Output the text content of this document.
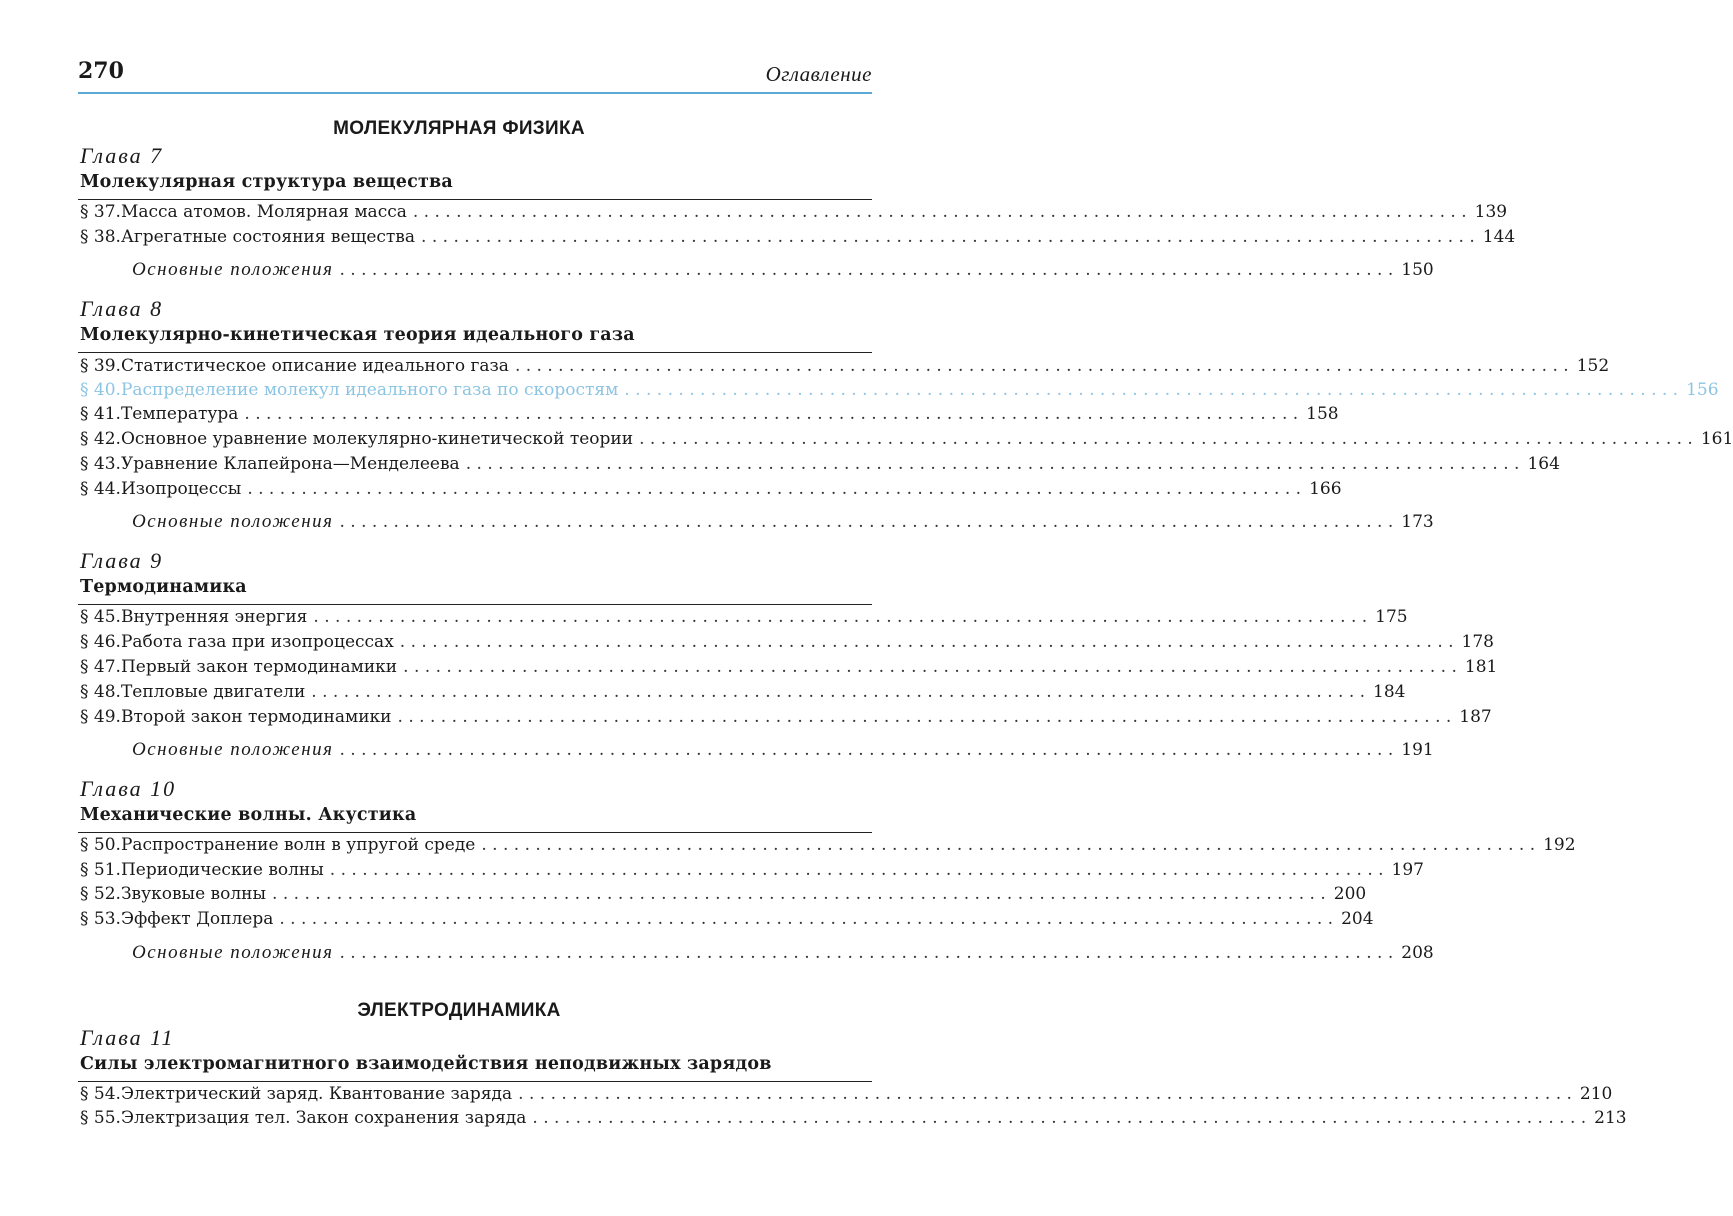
270	Оглавление
МОЛЕКУЛЯРНАЯ ФИЗИКА
Глава 7
Молекулярная структура вещества
§ 37. Масса атомов. Молярная масса . . .	139
§ 38. Агрегатные состояния вещества . . .	144
Основные положения . . .	150
Глава 8
Молекулярно-кинетическая теория идеального газа
§ 39. Статистическое описание идеального газа . . .	152
§ 40. Распределение молекул идеального газа по скоростям . . .	156
§ 41. Температура . . .	158
§ 42. Основное уравнение молекулярно-кинетической теории . . .	161
§ 43. Уравнение Клапейрона—Менделеева . . .	164
§ 44. Изопроцессы . . .	166
Основные положения . . .	173
Глава 9
Термодинамика
§ 45. Внутренняя энергия . . .	175
§ 46. Работа газа при изопроцессах . . .	178
§ 47. Первый закон термодинамики . . .	181
§ 48. Тепловые двигатели . . .	184
§ 49. Второй закон термодинамики . . .	187
Основные положения . . .	191
Глава 10
Механические волны. Акустика
§ 50. Распространение волн в упругой среде . . .	192
§ 51. Периодические волны . . .	197
§ 52. Звуковые волны . . .	200
§ 53. Эффект Доплера . . .	204
Основные положения . . .	208
ЭЛЕКТРОДИНАМИКА
Глава 11
Силы электромагнитного взаимодействия неподвижных зарядов
§ 54. Электрический заряд. Квантование заряда . . .	210
§ 55. Электризация тел. Закон сохранения заряда . . .	213
